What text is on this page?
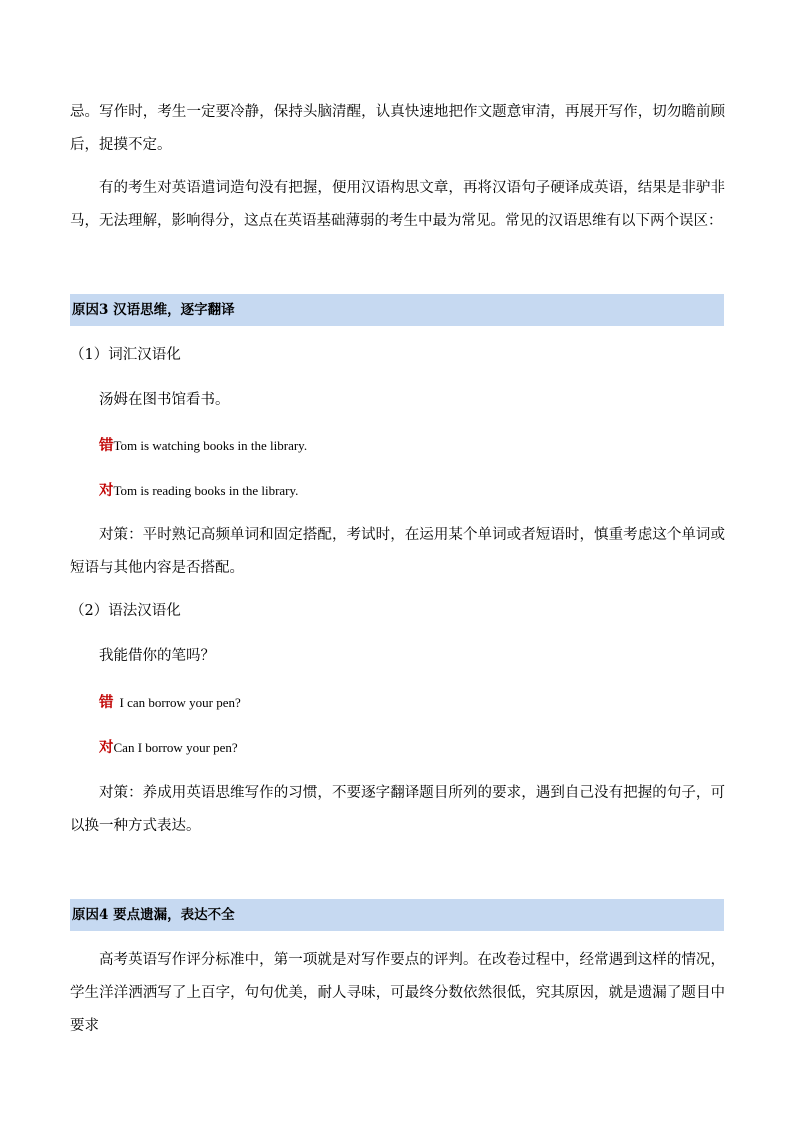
忌。写作时，考生一定要冷静，保持头脑清醒，认真快速地把作文题意审清，再展开写作，切勿瞻前顾后，捉摸不定。

有的考生对英语遣词造句没有把握，便用汉语构思文章，再将汉语句子硬译成英语，结果是非驴非马，无法理解，影响得分，这点在英语基础薄弱的考生中最为常见。常见的汉语思维有以下两个误区：

原因3 汉语思维，逐字翻译
（1）词汇汉语化
汤姆在图书馆看书。
错Tom is watching books in the library.
对Tom is reading books in the library.

对策：平时熟记高频单词和固定搭配，考试时，在运用某个单词或者短语时，慎重考虑这个单词或短语与其他内容是否搭配。

（2）语法汉语化
我能借你的笔吗？
错 I can borrow your pen?
对Can I borrow your pen?

对策：养成用英语思维写作的习惯，不要逐字翻译题目所列的要求，遇到自己没有把握的句子，可以换一种方式表达。

原因4 要点遗漏，表达不全

高考英语写作评分标准中，第一项就是对写作要点的评判。在改卷过程中，经常遇到这样的情况，学生洋洋洒洒写了上百字，句句优美，耐人寻味，可最终分数依然很低，究其原因，就是遗漏了题目中要求
